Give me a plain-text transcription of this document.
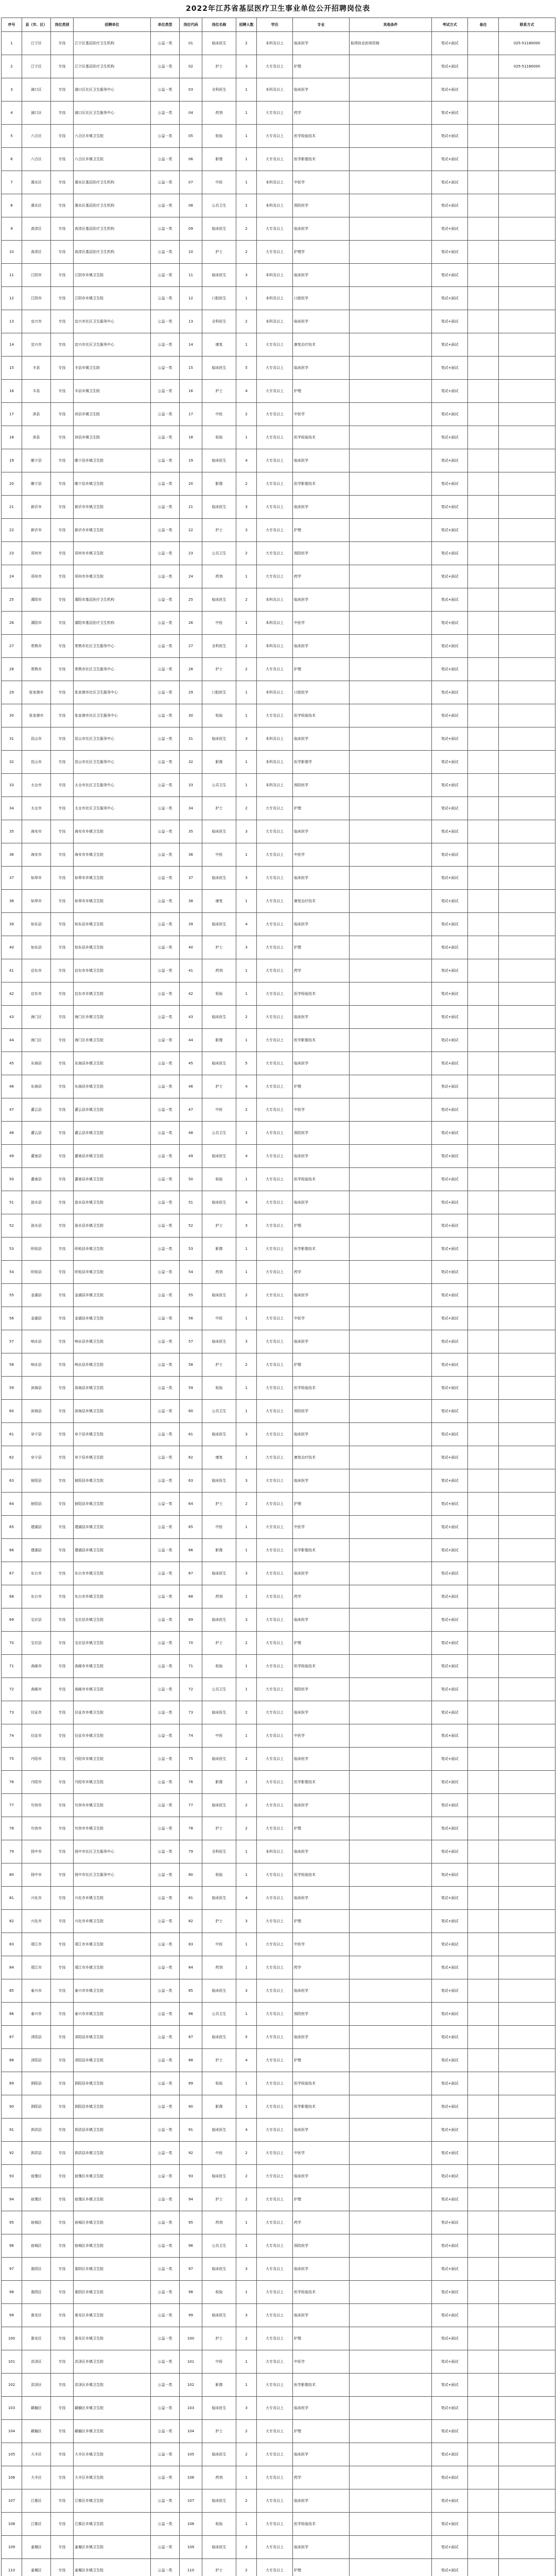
2022年江苏省基层医疗卫生事业单位公开招聘岗位表
序号	县（市、区）	岗位类别	招聘单位	单位类型	岗位代码	岗位名称	招聘人数	学历	专业	其他条件	考试方式	备注	联系方式
1	江宁区	专技	江宁区基层医疗卫生机构	公益一类	01	临床医生	2	本科及以上	临床医学	取得执业医师资格	笔试+面试		025-51180000
2	江宁区	专技	江宁区基层医疗卫生机构	公益一类	02	护士	3	大专及以上	护理		笔试+面试		025-51180000
3	浦口区	专技	浦口区社区卫生服务中心	公益一类	03	全科医生	1	本科及以上	临床医学		笔试+面试		
4	浦口区	专技	浦口区社区卫生服务中心	公益一类	04	药剂	1	大专及以上	药学		笔试+面试		
5	六合区	专技	六合区乡镇卫生院	公益一类	05	检验	1	大专及以上	医学检验技术		笔试+面试		
6	六合区	专技	六合区乡镇卫生院	公益一类	06	影像	1	大专及以上	医学影像技术		笔试+面试		
7	溧水区	专技	溧水区基层医疗卫生机构	公益一类	07	中医	1	本科及以上	中医学		笔试+面试		
8	溧水区	专技	溧水区基层医疗卫生机构	公益一类	08	公共卫生	1	本科及以上	预防医学		笔试+面试		
9	高淳区	专技	高淳区基层医疗卫生机构	公益一类	09	临床医生	2	大专及以上	临床医学		笔试+面试		
10	高淳区	专技	高淳区基层医疗卫生机构	公益一类	10	护士	2	大专及以上	护理学		笔试+面试		
11	江阴市	专技	江阴市乡镇卫生院	公益一类	11	临床医生	3	本科及以上	临床医学		笔试+面试		
12	江阴市	专技	江阴市乡镇卫生院	公益一类	12	口腔医生	1	本科及以上	口腔医学		笔试+面试		
13	宜兴市	专技	宜兴市社区卫生服务中心	公益一类	13	全科医生	2	本科及以上	临床医学		笔试+面试		
14	宜兴市	专技	宜兴市社区卫生服务中心	公益一类	14	康复	1	大专及以上	康复治疗技术		笔试+面试		
15	丰县	专技	丰县乡镇卫生院	公益一类	15	临床医生	5	大专及以上	临床医学		笔试+面试		
16	丰县	专技	丰县乡镇卫生院	公益一类	16	护士	4	大专及以上	护理		笔试+面试		
17	沛县	专技	沛县乡镇卫生院	公益一类	17	中医	2	大专及以上	中医学		笔试+面试		
18	沛县	专技	沛县乡镇卫生院	公益一类	18	检验	1	大专及以上	医学检验技术		笔试+面试		
19	睢宁县	专技	睢宁县乡镇卫生院	公益一类	19	临床医生	4	大专及以上	临床医学		笔试+面试		
20	睢宁县	专技	睢宁县乡镇卫生院	公益一类	20	影像	2	大专及以上	医学影像技术		笔试+面试		
21	新沂市	专技	新沂市乡镇卫生院	公益一类	21	临床医生	3	大专及以上	临床医学		笔试+面试		
22	新沂市	专技	新沂市乡镇卫生院	公益一类	22	护士	3	大专及以上	护理		笔试+面试		
23	邳州市	专技	邳州市乡镇卫生院	公益一类	23	公共卫生	2	大专及以上	预防医学		笔试+面试		
24	邳州市	专技	邳州市乡镇卫生院	公益一类	24	药剂	1	大专及以上	药学		笔试+面试		
25	溧阳市	专技	溧阳市基层医疗卫生机构	公益一类	25	临床医生	2	本科及以上	临床医学		笔试+面试		
26	溧阳市	专技	溧阳市基层医疗卫生机构	公益一类	26	中医	1	本科及以上	中医学		笔试+面试		
27	常熟市	专技	常熟市社区卫生服务中心	公益一类	27	全科医生	2	本科及以上	临床医学		笔试+面试		
28	常熟市	专技	常熟市社区卫生服务中心	公益一类	28	护士	2	大专及以上	护理		笔试+面试		
29	张家港市	专技	张家港市社区卫生服务中心	公益一类	29	口腔医生	1	本科及以上	口腔医学		笔试+面试		
30	张家港市	专技	张家港市社区卫生服务中心	公益一类	30	检验	1	大专及以上	医学检验技术		笔试+面试		
31	昆山市	专技	昆山市社区卫生服务中心	公益一类	31	临床医生	3	本科及以上	临床医学		笔试+面试		
32	昆山市	专技	昆山市社区卫生服务中心	公益一类	32	影像	1	本科及以上	医学影像学		笔试+面试		
33	太仓市	专技	太仓市社区卫生服务中心	公益一类	33	公共卫生	1	本科及以上	预防医学		笔试+面试		
34	太仓市	专技	太仓市社区卫生服务中心	公益一类	34	护士	2	大专及以上	护理		笔试+面试		
35	海安市	专技	海安市乡镇卫生院	公益一类	35	临床医生	3	大专及以上	临床医学		笔试+面试		
36	海安市	专技	海安市乡镇卫生院	公益一类	36	中医	1	大专及以上	中医学		笔试+面试		
37	如皋市	专技	如皋市乡镇卫生院	公益一类	37	临床医生	3	大专及以上	临床医学		笔试+面试		
38	如皋市	专技	如皋市乡镇卫生院	公益一类	38	康复	1	大专及以上	康复治疗技术		笔试+面试		
39	如东县	专技	如东县乡镇卫生院	公益一类	39	临床医生	4	大专及以上	临床医学		笔试+面试		
40	如东县	专技	如东县乡镇卫生院	公益一类	40	护士	3	大专及以上	护理		笔试+面试		
41	启东市	专技	启东市乡镇卫生院	公益一类	41	药剂	1	大专及以上	药学		笔试+面试		
42	启东市	专技	启东市乡镇卫生院	公益一类	42	检验	1	大专及以上	医学检验技术		笔试+面试		
43	海门区	专技	海门区乡镇卫生院	公益一类	43	临床医生	2	大专及以上	临床医学		笔试+面试		
44	海门区	专技	海门区乡镇卫生院	公益一类	44	影像	1	大专及以上	医学影像技术		笔试+面试		
45	东海县	专技	东海县乡镇卫生院	公益一类	45	临床医生	5	大专及以上	临床医学		笔试+面试		
46	东海县	专技	东海县乡镇卫生院	公益一类	46	护士	4	大专及以上	护理		笔试+面试		
47	灌云县	专技	灌云县乡镇卫生院	公益一类	47	中医	2	大专及以上	中医学		笔试+面试		
48	灌云县	专技	灌云县乡镇卫生院	公益一类	48	公共卫生	1	大专及以上	预防医学		笔试+面试		
49	灌南县	专技	灌南县乡镇卫生院	公益一类	49	临床医生	4	大专及以上	临床医学		笔试+面试		
50	灌南县	专技	灌南县乡镇卫生院	公益一类	50	检验	1	大专及以上	医学检验技术		笔试+面试		
51	涟水县	专技	涟水县乡镇卫生院	公益一类	51	临床医生	4	大专及以上	临床医学		笔试+面试		
52	涟水县	专技	涟水县乡镇卫生院	公益一类	52	护士	3	大专及以上	护理		笔试+面试		
53	盱眙县	专技	盱眙县乡镇卫生院	公益一类	53	影像	1	大专及以上	医学影像技术		笔试+面试		
54	盱眙县	专技	盱眙县乡镇卫生院	公益一类	54	药剂	1	大专及以上	药学		笔试+面试		
55	金湖县	专技	金湖县乡镇卫生院	公益一类	55	临床医生	2	大专及以上	临床医学		笔试+面试		
56	金湖县	专技	金湖县乡镇卫生院	公益一类	56	中医	1	大专及以上	中医学		笔试+面试		
57	响水县	专技	响水县乡镇卫生院	公益一类	57	临床医生	3	大专及以上	临床医学		笔试+面试		
58	响水县	专技	响水县乡镇卫生院	公益一类	58	护士	2	大专及以上	护理		笔试+面试		
59	滨海县	专技	滨海县乡镇卫生院	公益一类	59	检验	1	大专及以上	医学检验技术		笔试+面试		
60	滨海县	专技	滨海县乡镇卫生院	公益一类	60	公共卫生	1	大专及以上	预防医学		笔试+面试		
61	阜宁县	专技	阜宁县乡镇卫生院	公益一类	61	临床医生	3	大专及以上	临床医学		笔试+面试		
62	阜宁县	专技	阜宁县乡镇卫生院	公益一类	62	康复	1	大专及以上	康复治疗技术		笔试+面试		
63	射阳县	专技	射阳县乡镇卫生院	公益一类	63	临床医生	3	大专及以上	临床医学		笔试+面试		
64	射阳县	专技	射阳县乡镇卫生院	公益一类	64	护士	2	大专及以上	护理		笔试+面试		
65	建湖县	专技	建湖县乡镇卫生院	公益一类	65	中医	1	大专及以上	中医学		笔试+面试		
66	建湖县	专技	建湖县乡镇卫生院	公益一类	66	影像	1	大专及以上	医学影像技术		笔试+面试		
67	东台市	专技	东台市乡镇卫生院	公益一类	67	临床医生	3	大专及以上	临床医学		笔试+面试		
68	东台市	专技	东台市乡镇卫生院	公益一类	68	药剂	1	大专及以上	药学		笔试+面试		
69	宝应县	专技	宝应县乡镇卫生院	公益一类	69	临床医生	3	大专及以上	临床医学		笔试+面试		
70	宝应县	专技	宝应县乡镇卫生院	公益一类	70	护士	2	大专及以上	护理		笔试+面试		
71	高邮市	专技	高邮市乡镇卫生院	公益一类	71	检验	1	大专及以上	医学检验技术		笔试+面试		
72	高邮市	专技	高邮市乡镇卫生院	公益一类	72	公共卫生	1	大专及以上	预防医学		笔试+面试		
73	仪征市	专技	仪征市乡镇卫生院	公益一类	73	临床医生	2	大专及以上	临床医学		笔试+面试		
74	仪征市	专技	仪征市乡镇卫生院	公益一类	74	中医	1	大专及以上	中医学		笔试+面试		
75	丹阳市	专技	丹阳市乡镇卫生院	公益一类	75	临床医生	2	大专及以上	临床医学		笔试+面试		
76	丹阳市	专技	丹阳市乡镇卫生院	公益一类	76	影像	1	大专及以上	医学影像技术		笔试+面试		
77	句容市	专技	句容市乡镇卫生院	公益一类	77	临床医生	2	大专及以上	临床医学		笔试+面试		
78	句容市	专技	句容市乡镇卫生院	公益一类	78	护士	2	大专及以上	护理		笔试+面试		
79	扬中市	专技	扬中市社区卫生服务中心	公益一类	79	全科医生	1	本科及以上	临床医学		笔试+面试		
80	扬中市	专技	扬中市社区卫生服务中心	公益一类	80	检验	1	大专及以上	医学检验技术		笔试+面试		
81	兴化市	专技	兴化市乡镇卫生院	公益一类	81	临床医生	4	大专及以上	临床医学		笔试+面试		
82	兴化市	专技	兴化市乡镇卫生院	公益一类	82	护士	3	大专及以上	护理		笔试+面试		
83	靖江市	专技	靖江市乡镇卫生院	公益一类	83	中医	1	大专及以上	中医学		笔试+面试		
84	靖江市	专技	靖江市乡镇卫生院	公益一类	84	药剂	1	大专及以上	药学		笔试+面试		
85	泰兴市	专技	泰兴市乡镇卫生院	公益一类	85	临床医生	3	大专及以上	临床医学		笔试+面试		
86	泰兴市	专技	泰兴市乡镇卫生院	公益一类	86	公共卫生	1	大专及以上	预防医学		笔试+面试		
87	沭阳县	专技	沭阳县乡镇卫生院	公益一类	87	临床医生	5	大专及以上	临床医学		笔试+面试		
88	沭阳县	专技	沭阳县乡镇卫生院	公益一类	88	护士	4	大专及以上	护理		笔试+面试		
89	泗阳县	专技	泗阳县乡镇卫生院	公益一类	89	检验	1	大专及以上	医学检验技术		笔试+面试		
90	泗阳县	专技	泗阳县乡镇卫生院	公益一类	90	影像	1	大专及以上	医学影像技术		笔试+面试		
91	泗洪县	专技	泗洪县乡镇卫生院	公益一类	91	临床医生	4	大专及以上	临床医学		笔试+面试		
92	泗洪县	专技	泗洪县乡镇卫生院	公益一类	92	中医	2	大专及以上	中医学		笔试+面试		
93	宿豫区	专技	宿豫区乡镇卫生院	公益一类	93	临床医生	2	大专及以上	临床医学		笔试+面试		
94	宿豫区	专技	宿豫区乡镇卫生院	公益一类	94	护士	2	大专及以上	护理		笔试+面试		
95	宿城区	专技	宿城区乡镇卫生院	公益一类	95	药剂	1	大专及以上	药学		笔试+面试		
96	宿城区	专技	宿城区乡镇卫生院	公益一类	96	公共卫生	1	大专及以上	预防医学		笔试+面试		
97	淮阴区	专技	淮阴区乡镇卫生院	公益一类	97	临床医生	3	大专及以上	临床医学		笔试+面试		
98	淮阴区	专技	淮阴区乡镇卫生院	公益一类	98	检验	1	大专及以上	医学检验技术		笔试+面试		
99	淮安区	专技	淮安区乡镇卫生院	公益一类	99	临床医生	3	大专及以上	临床医学		笔试+面试		
100	淮安区	专技	淮安区乡镇卫生院	公益一类	100	护士	2	大专及以上	护理		笔试+面试		
101	洪泽区	专技	洪泽区乡镇卫生院	公益一类	101	中医	1	大专及以上	中医学		笔试+面试		
102	洪泽区	专技	洪泽区乡镇卫生院	公益一类	102	影像	1	大专及以上	医学影像技术		笔试+面试		
103	赣榆区	专技	赣榆区乡镇卫生院	公益一类	103	临床医生	3	大专及以上	临床医学		笔试+面试		
104	赣榆区	专技	赣榆区乡镇卫生院	公益一类	104	护士	2	大专及以上	护理		笔试+面试		
105	大丰区	专技	大丰区乡镇卫生院	公益一类	105	临床医生	2	大专及以上	临床医学		笔试+面试		
106	大丰区	专技	大丰区乡镇卫生院	公益一类	106	药剂	1	大专及以上	药学		笔试+面试		
107	江都区	专技	江都区乡镇卫生院	公益一类	107	临床医生	2	大专及以上	临床医学		笔试+面试		
108	江都区	专技	江都区乡镇卫生院	公益一类	108	检验	1	大专及以上	医学检验技术		笔试+面试		
109	姜堰区	专技	姜堰区乡镇卫生院	公益一类	109	临床医生	2	大专及以上	临床医学		笔试+面试		
110	姜堰区	专技	姜堰区乡镇卫生院	公益一类	110	护士	2	大专及以上	护理		笔试+面试		
